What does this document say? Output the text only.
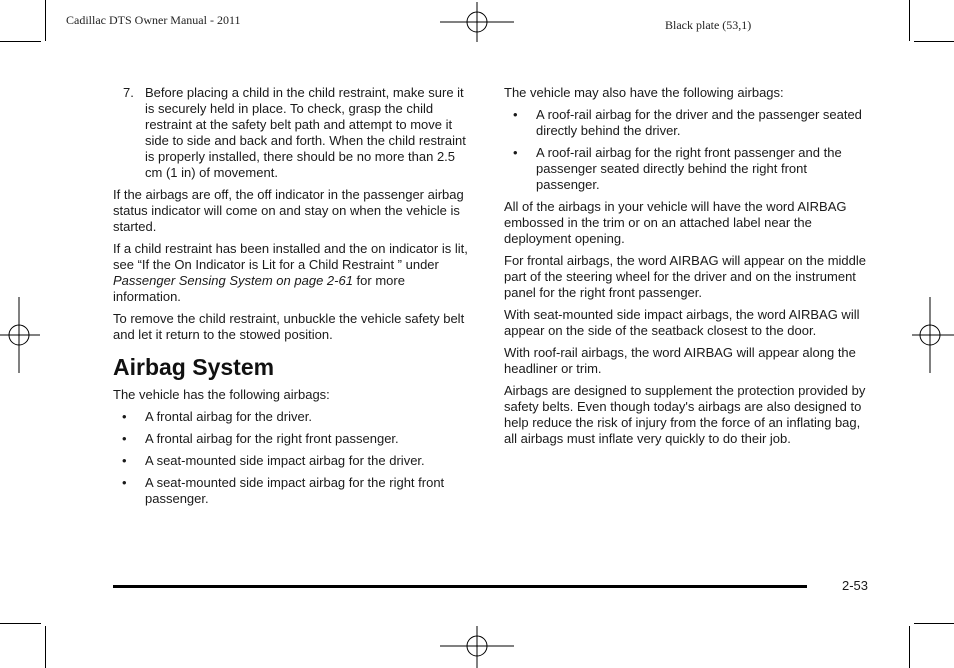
Cadillac DTS Owner Manual - 2011	Black plate (53,1)
7. Before placing a child in the child restraint, make sure it is securely held in place. To check, grasp the child restraint at the safety belt path and attempt to move it side to side and back and forth. When the child restraint is properly installed, there should be no more than 2.5 cm (1 in) of movement.

If the airbags are off, the off indicator in the passenger airbag status indicator will come on and stay on when the vehicle is started.

If a child restraint has been installed and the on indicator is lit, see “If the On Indicator is Lit for a Child Restraint ” under Passenger Sensing System on page 2-61 for more information.

To remove the child restraint, unbuckle the vehicle safety belt and let it return to the stowed position.

Airbag System

The vehicle has the following airbags:

• A frontal airbag for the driver.
• A frontal airbag for the right front passenger.
• A seat-mounted side impact airbag for the driver.
• A seat-mounted side impact airbag for the right front passenger.

The vehicle may also have the following airbags:

• A roof-rail airbag for the driver and the passenger seated directly behind the driver.
• A roof-rail airbag for the right front passenger and the passenger seated directly behind the right front passenger.

All of the airbags in your vehicle will have the word AIRBAG embossed in the trim or on an attached label near the deployment opening.

For frontal airbags, the word AIRBAG will appear on the middle part of the steering wheel for the driver and on the instrument panel for the right front passenger.

With seat-mounted side impact airbags, the word AIRBAG will appear on the side of the seatback closest to the door.

With roof-rail airbags, the word AIRBAG will appear along the headliner or trim.

Airbags are designed to supplement the protection provided by safety belts. Even though today's airbags are also designed to help reduce the risk of injury from the force of an inflating bag, all airbags must inflate very quickly to do their job.

2-53
